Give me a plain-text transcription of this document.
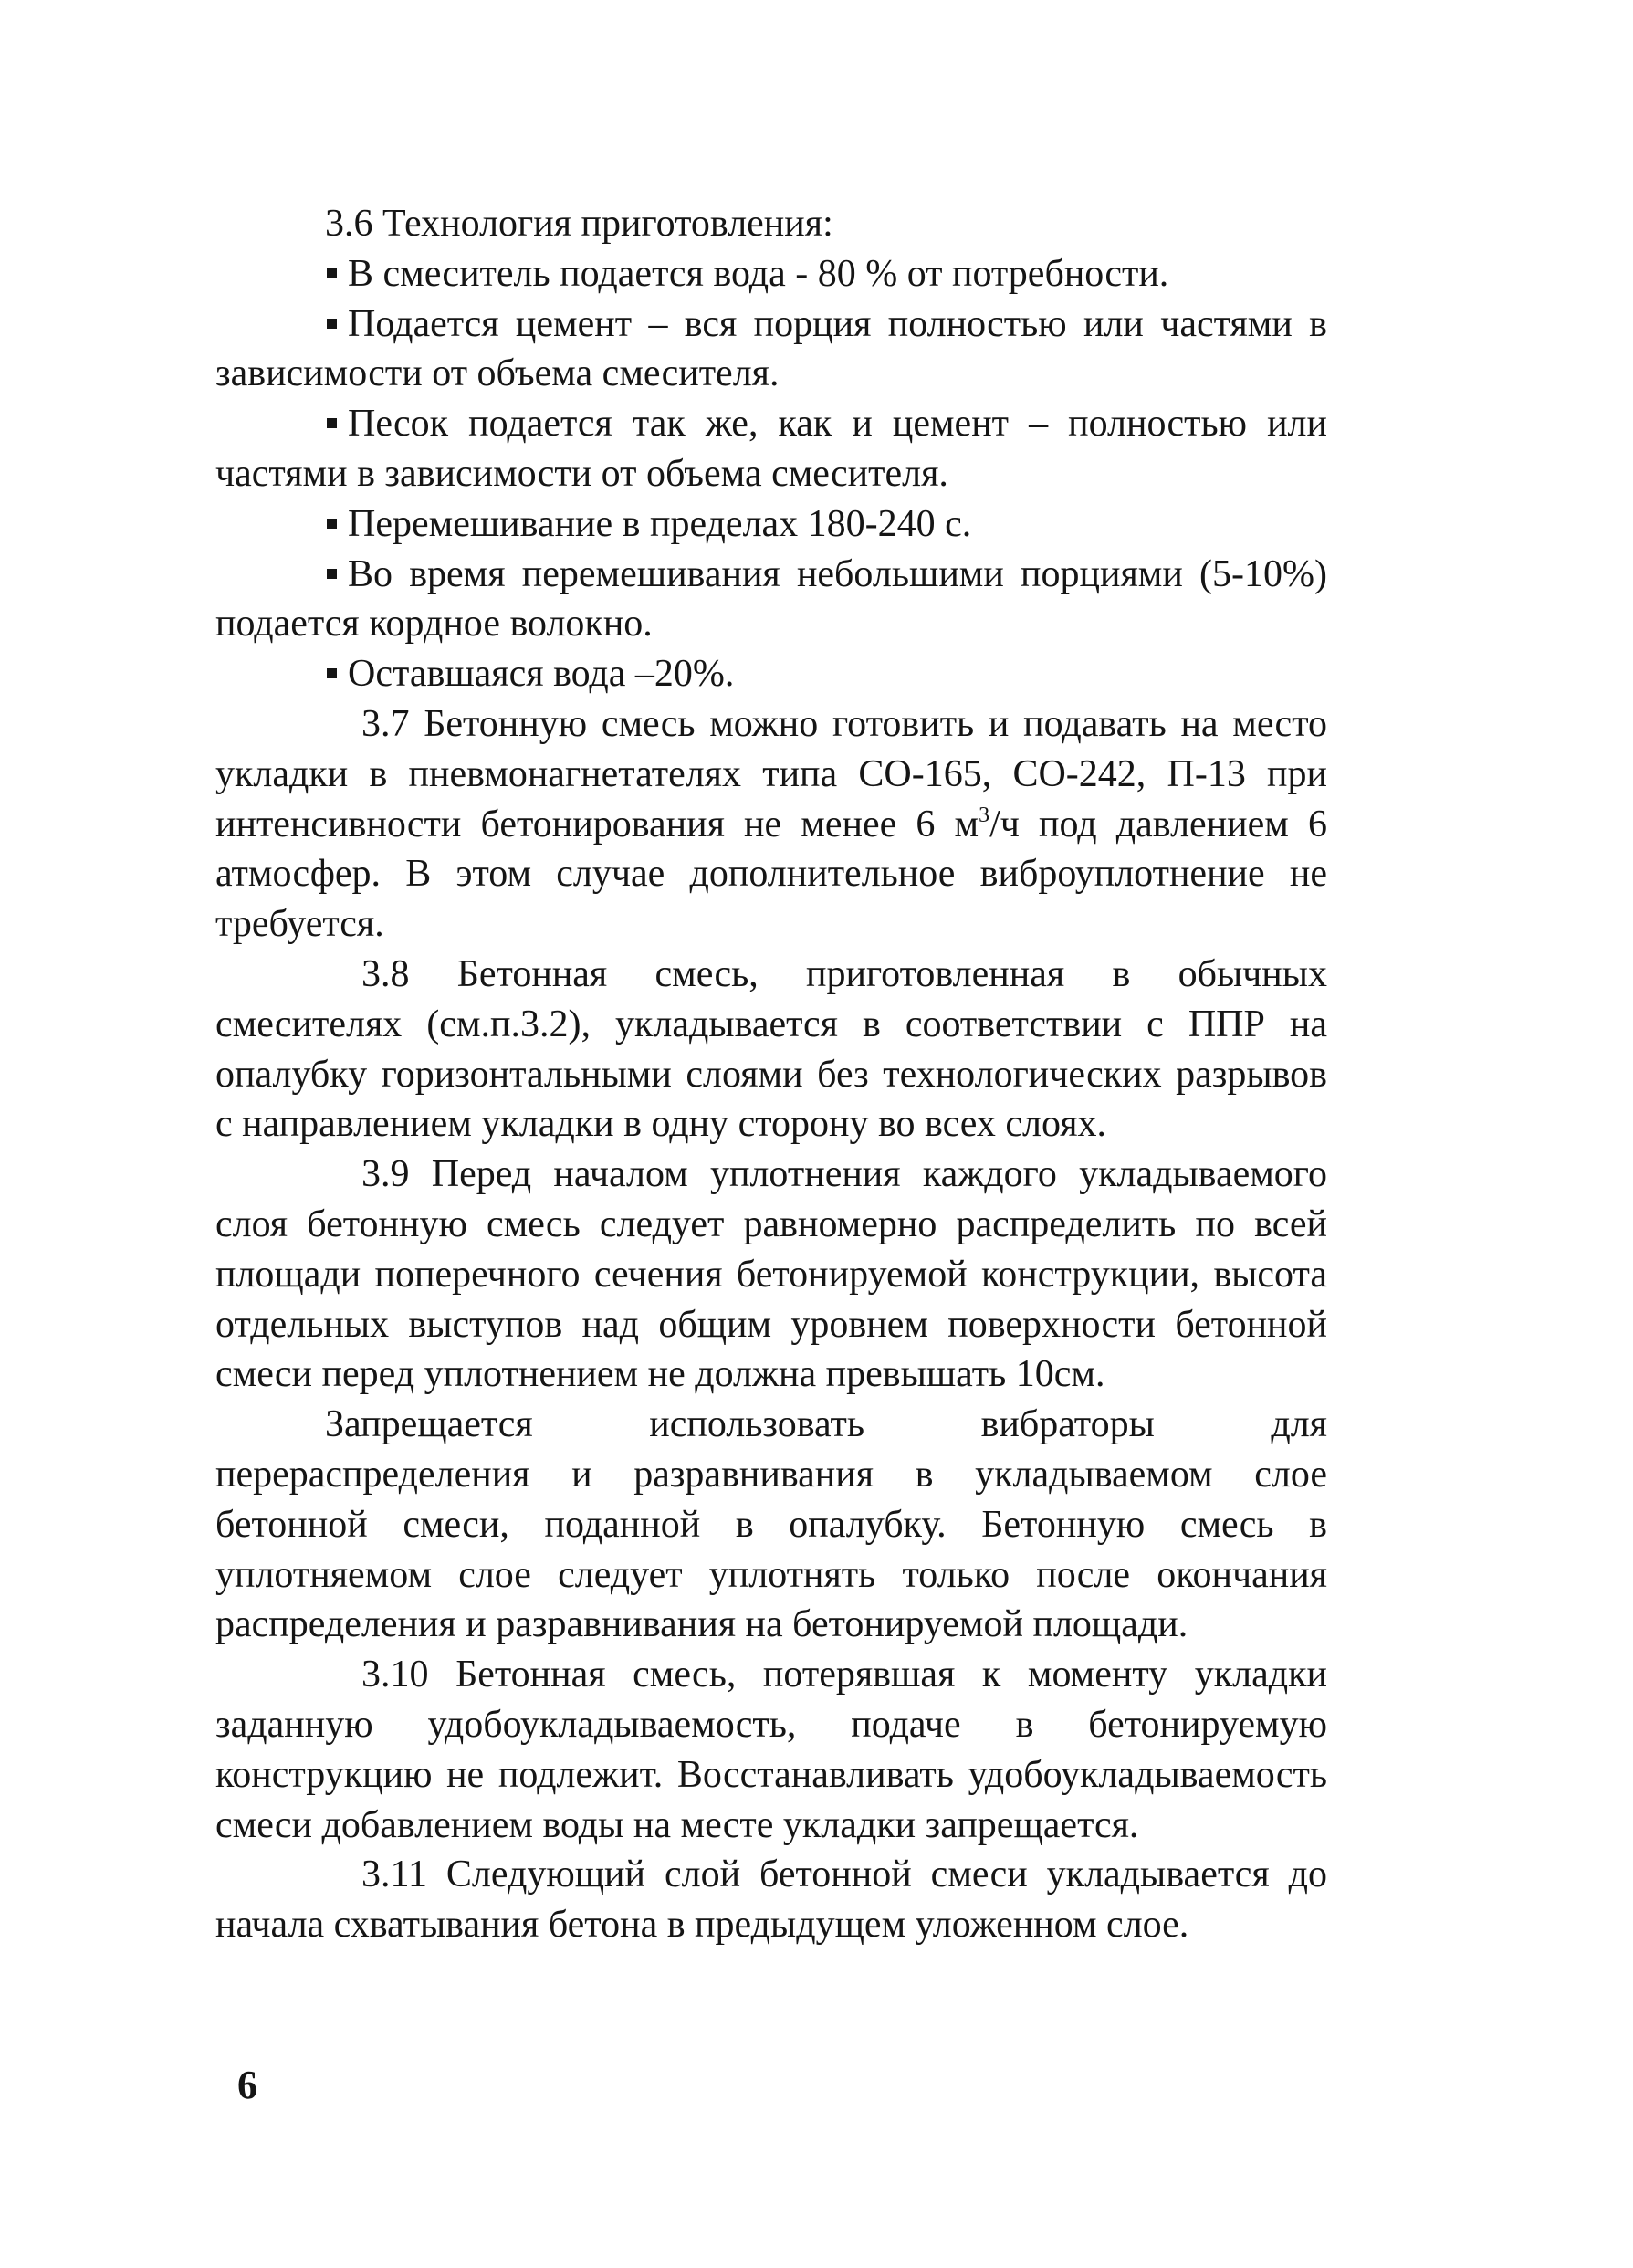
3.6 Технология приготовления:

В смеситель подается вода - 80 % от потребности.

Подается цемент – вся порция полностью или частями в зависимости от объема смесителя.

Песок подается так же, как и цемент – полностью или частями в зависимости от объема смесителя.

Перемешивание в пределах 180-240 с.

Во время перемешивания небольшими порциями (5-10%) подается кордное волокно.

Оставшаяся вода –20%.

3.7 Бетонную смесь можно готовить и подавать на место укладки в пневмонагнетателях типа СО-165, СО-242, П-13 при интенсивности бетонирования не менее 6 $м^3/ч$ под давлением 6 атмосфер. В этом случае дополнительное виброуплотнение не требуется.

3.8 Бетонная смесь, приготовленная в обычных смесителях (см.п.3.2), укладывается в соответствии с ППР на опалубку горизонтальными слоями без технологических разрывов с направлением укладки в одну сторону во всех слоях.

3.9 Перед началом уплотнения каждого укладываемого слоя бетонную смесь следует равномерно распределить по всей площади поперечного сечения бетонируемой конструкции, высота отдельных выступов над общим уровнем поверхности бетонной смеси перед уплотнением не должна превышать 10см.

Запрещается использовать вибраторы для перераспределения и разравнивания в укладываемом слое бетонной смеси, поданной в опалубку. Бетонную смесь в уплотняемом слое следует уплотнять только после окончания распределения и разравнивания на бетонируемой площади.

3.10 Бетонная смесь, потерявшая к моменту укладки заданную удобоукладываемость, подаче в бетонируемую конструкцию не подлежит. Восстанавливать удобоукладываемость смеси добавлением воды на месте укладки запрещается.

3.11 Следующий слой бетонной смеси укладывается до начала схватывания бетона в предыдущем уложенном слое.

6
